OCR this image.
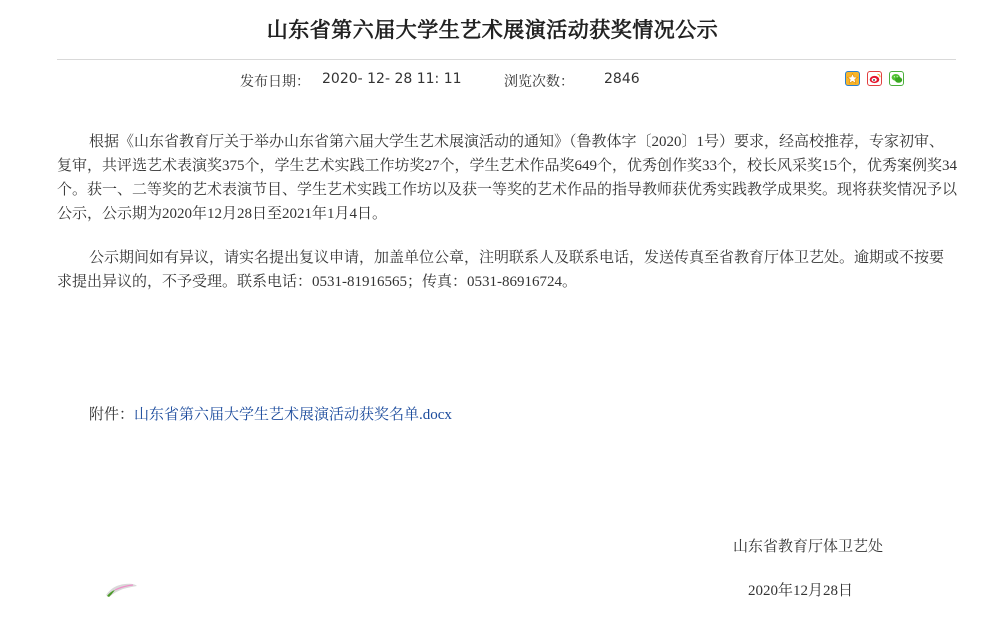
山东省第六届大学生艺术展演活动获奖情况公示
发布日期： 2020- 12- 28 11: 11	浏览次数： 2846

根据《山东省教育厅关于举办山东省第六届大学生艺术展演活动的通知》（鲁教体字〔2020〕1号）要求，经高校推荐，专家初审、复审，共评选艺术表演奖375个，学生艺术实践工作坊奖27个，学生艺术作品奖649个，优秀创作奖33个，校长风采奖15个，优秀案例奖34个。获一、二等奖的艺术表演节目、学生艺术实践工作坊以及获一等奖的艺术作品的指导教师获优秀实践教学成果奖。现将获奖情况予以公示，公示期为2020年12月28日至2021年1月4日。

公示期间如有异议，请实名提出复议申请，加盖单位公章，注明联系人及联系电话，发送传真至省教育厅体卫艺处。逾期或不按要求提出异议的，不予受理。联系电话：0531-81916565；传真：0531-86916724。

附件：山东省第六届大学生艺术展演活动获奖名单.docx
山东省教育厅体卫艺处
2020年12月28日
